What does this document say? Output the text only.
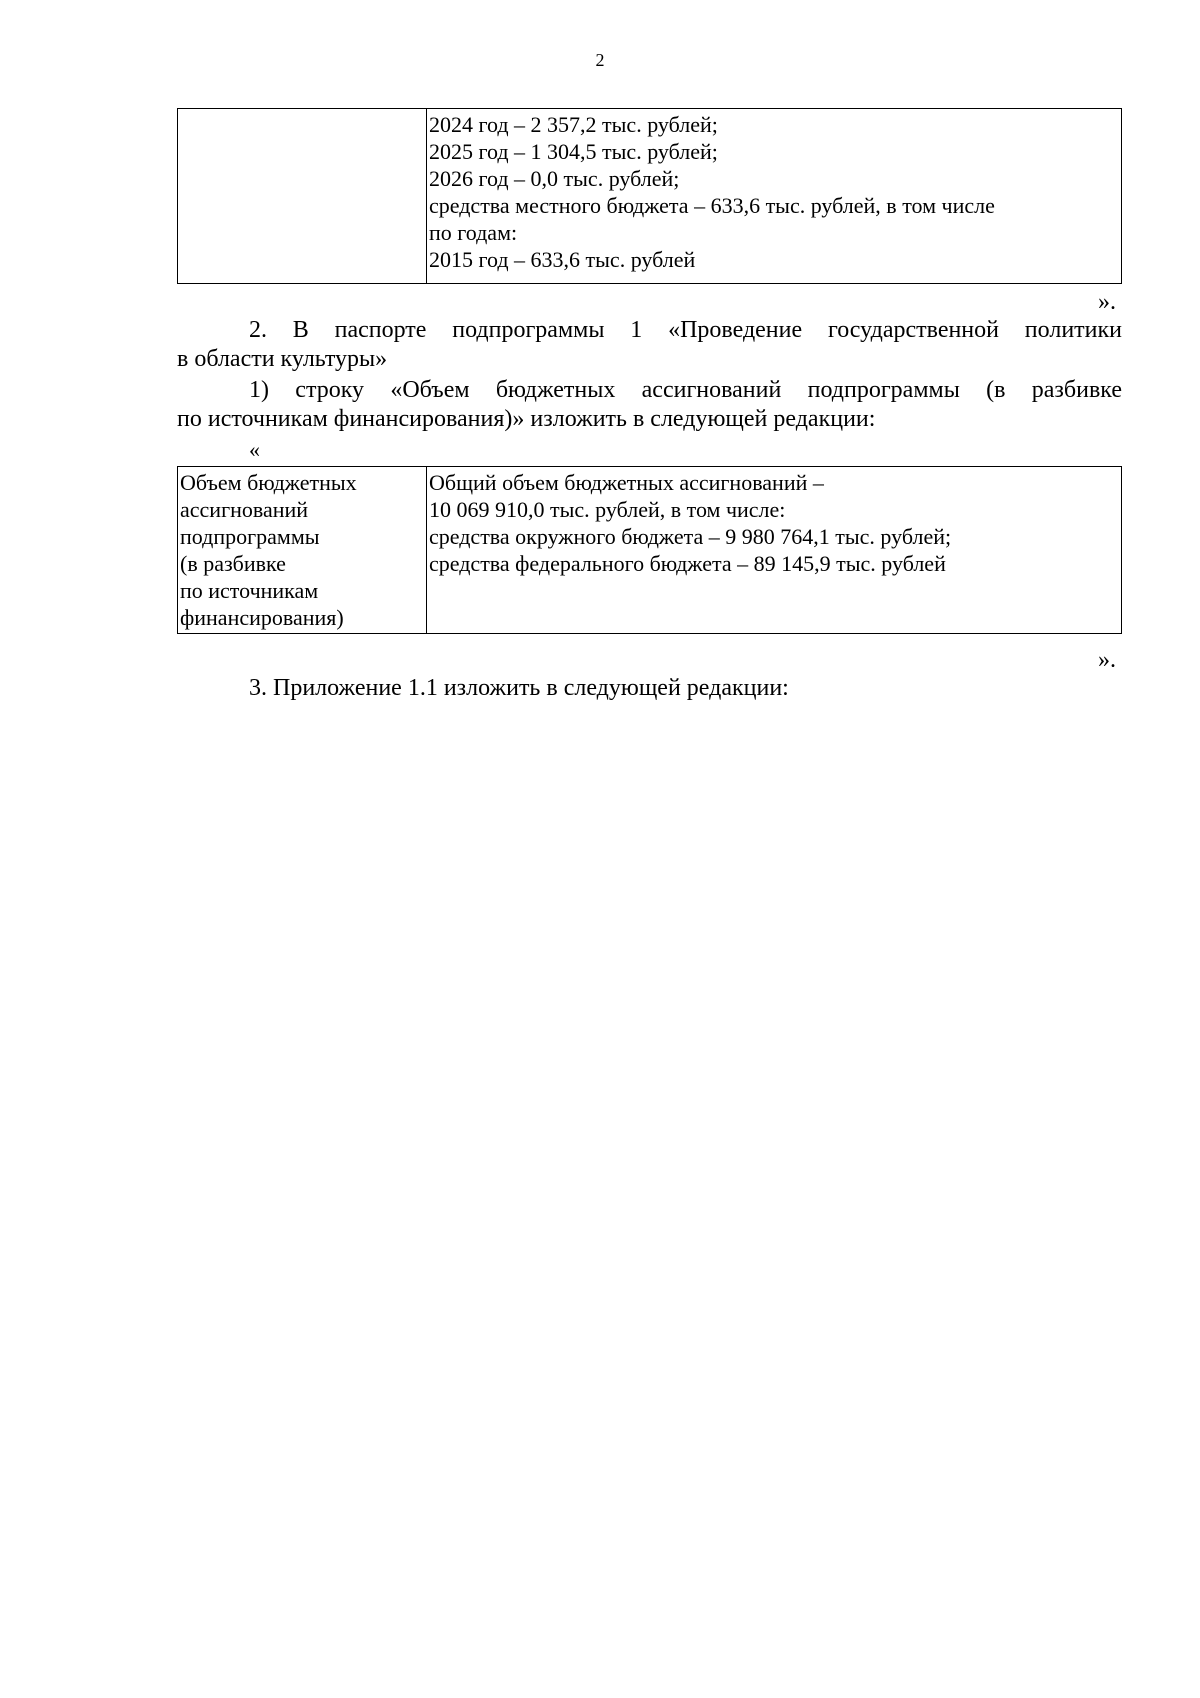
2

2024 год – 2 357,2 тыс. рублей;
2025 год – 1 304,5 тыс. рублей;
2026 год – 0,0 тыс. рублей;
средства местного бюджета – 633,6 тыс. рублей, в том числе
по годам:
2015 год – 633,6 тыс. рублей
».
2. В паспорте подпрограммы 1 «Проведение государственной политики
в области культуры»
1) строку «Объем бюджетных ассигнований подпрограммы (в разбивке
по источникам финансирования)» изложить в следующей редакции:
«
Объем бюджетных
ассигнований
подпрограммы
(в разбивке
по источникам
финансирования)

Общий объем бюджетных ассигнований –
10 069 910,0 тыс. рублей, в том числе:
средства окружного бюджета – 9 980 764,1 тыс. рублей;
средства федерального бюджета – 89 145,9 тыс. рублей
».
3. Приложение 1.1 изложить в следующей редакции:
